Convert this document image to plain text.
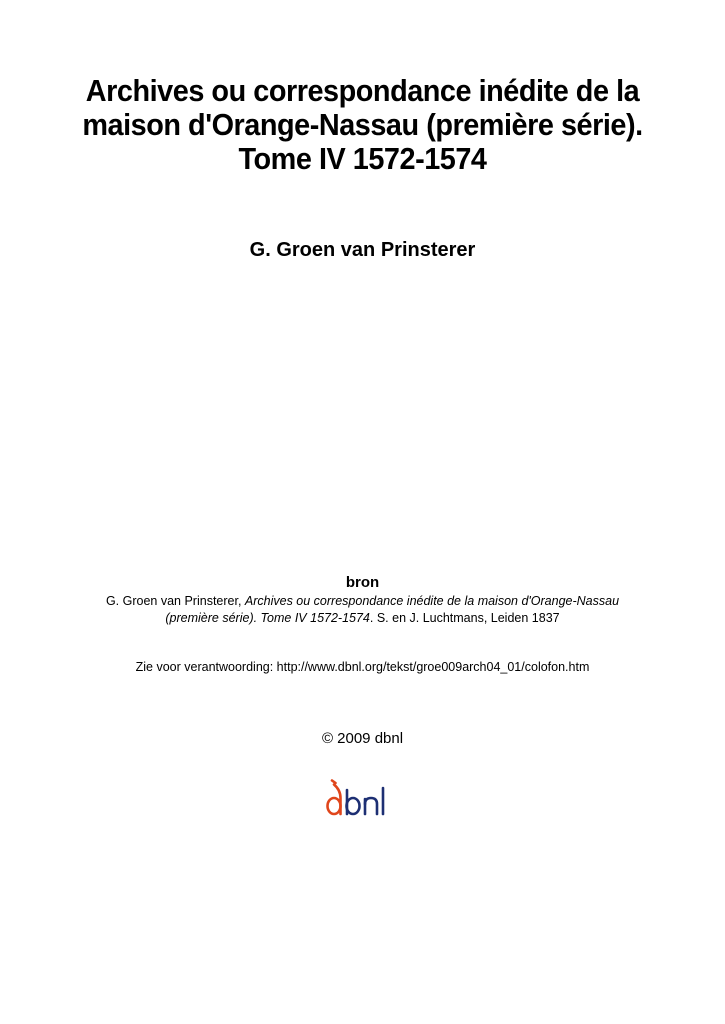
Archives ou correspondance inédite de la
maison d'Orange-Nassau (première série).
Tome IV 1572-1574
G. Groen van Prinsterer
bron
G. Groen van Prinsterer, Archives ou correspondance inédite de la maison d'Orange-Nassau
(première série). Tome IV 1572-1574. S. en J. Luchtmans, Leiden 1837
Zie voor verantwoording: http://www.dbnl.org/tekst/groe009arch04_01/colofon.htm
© 2009 dbnl
